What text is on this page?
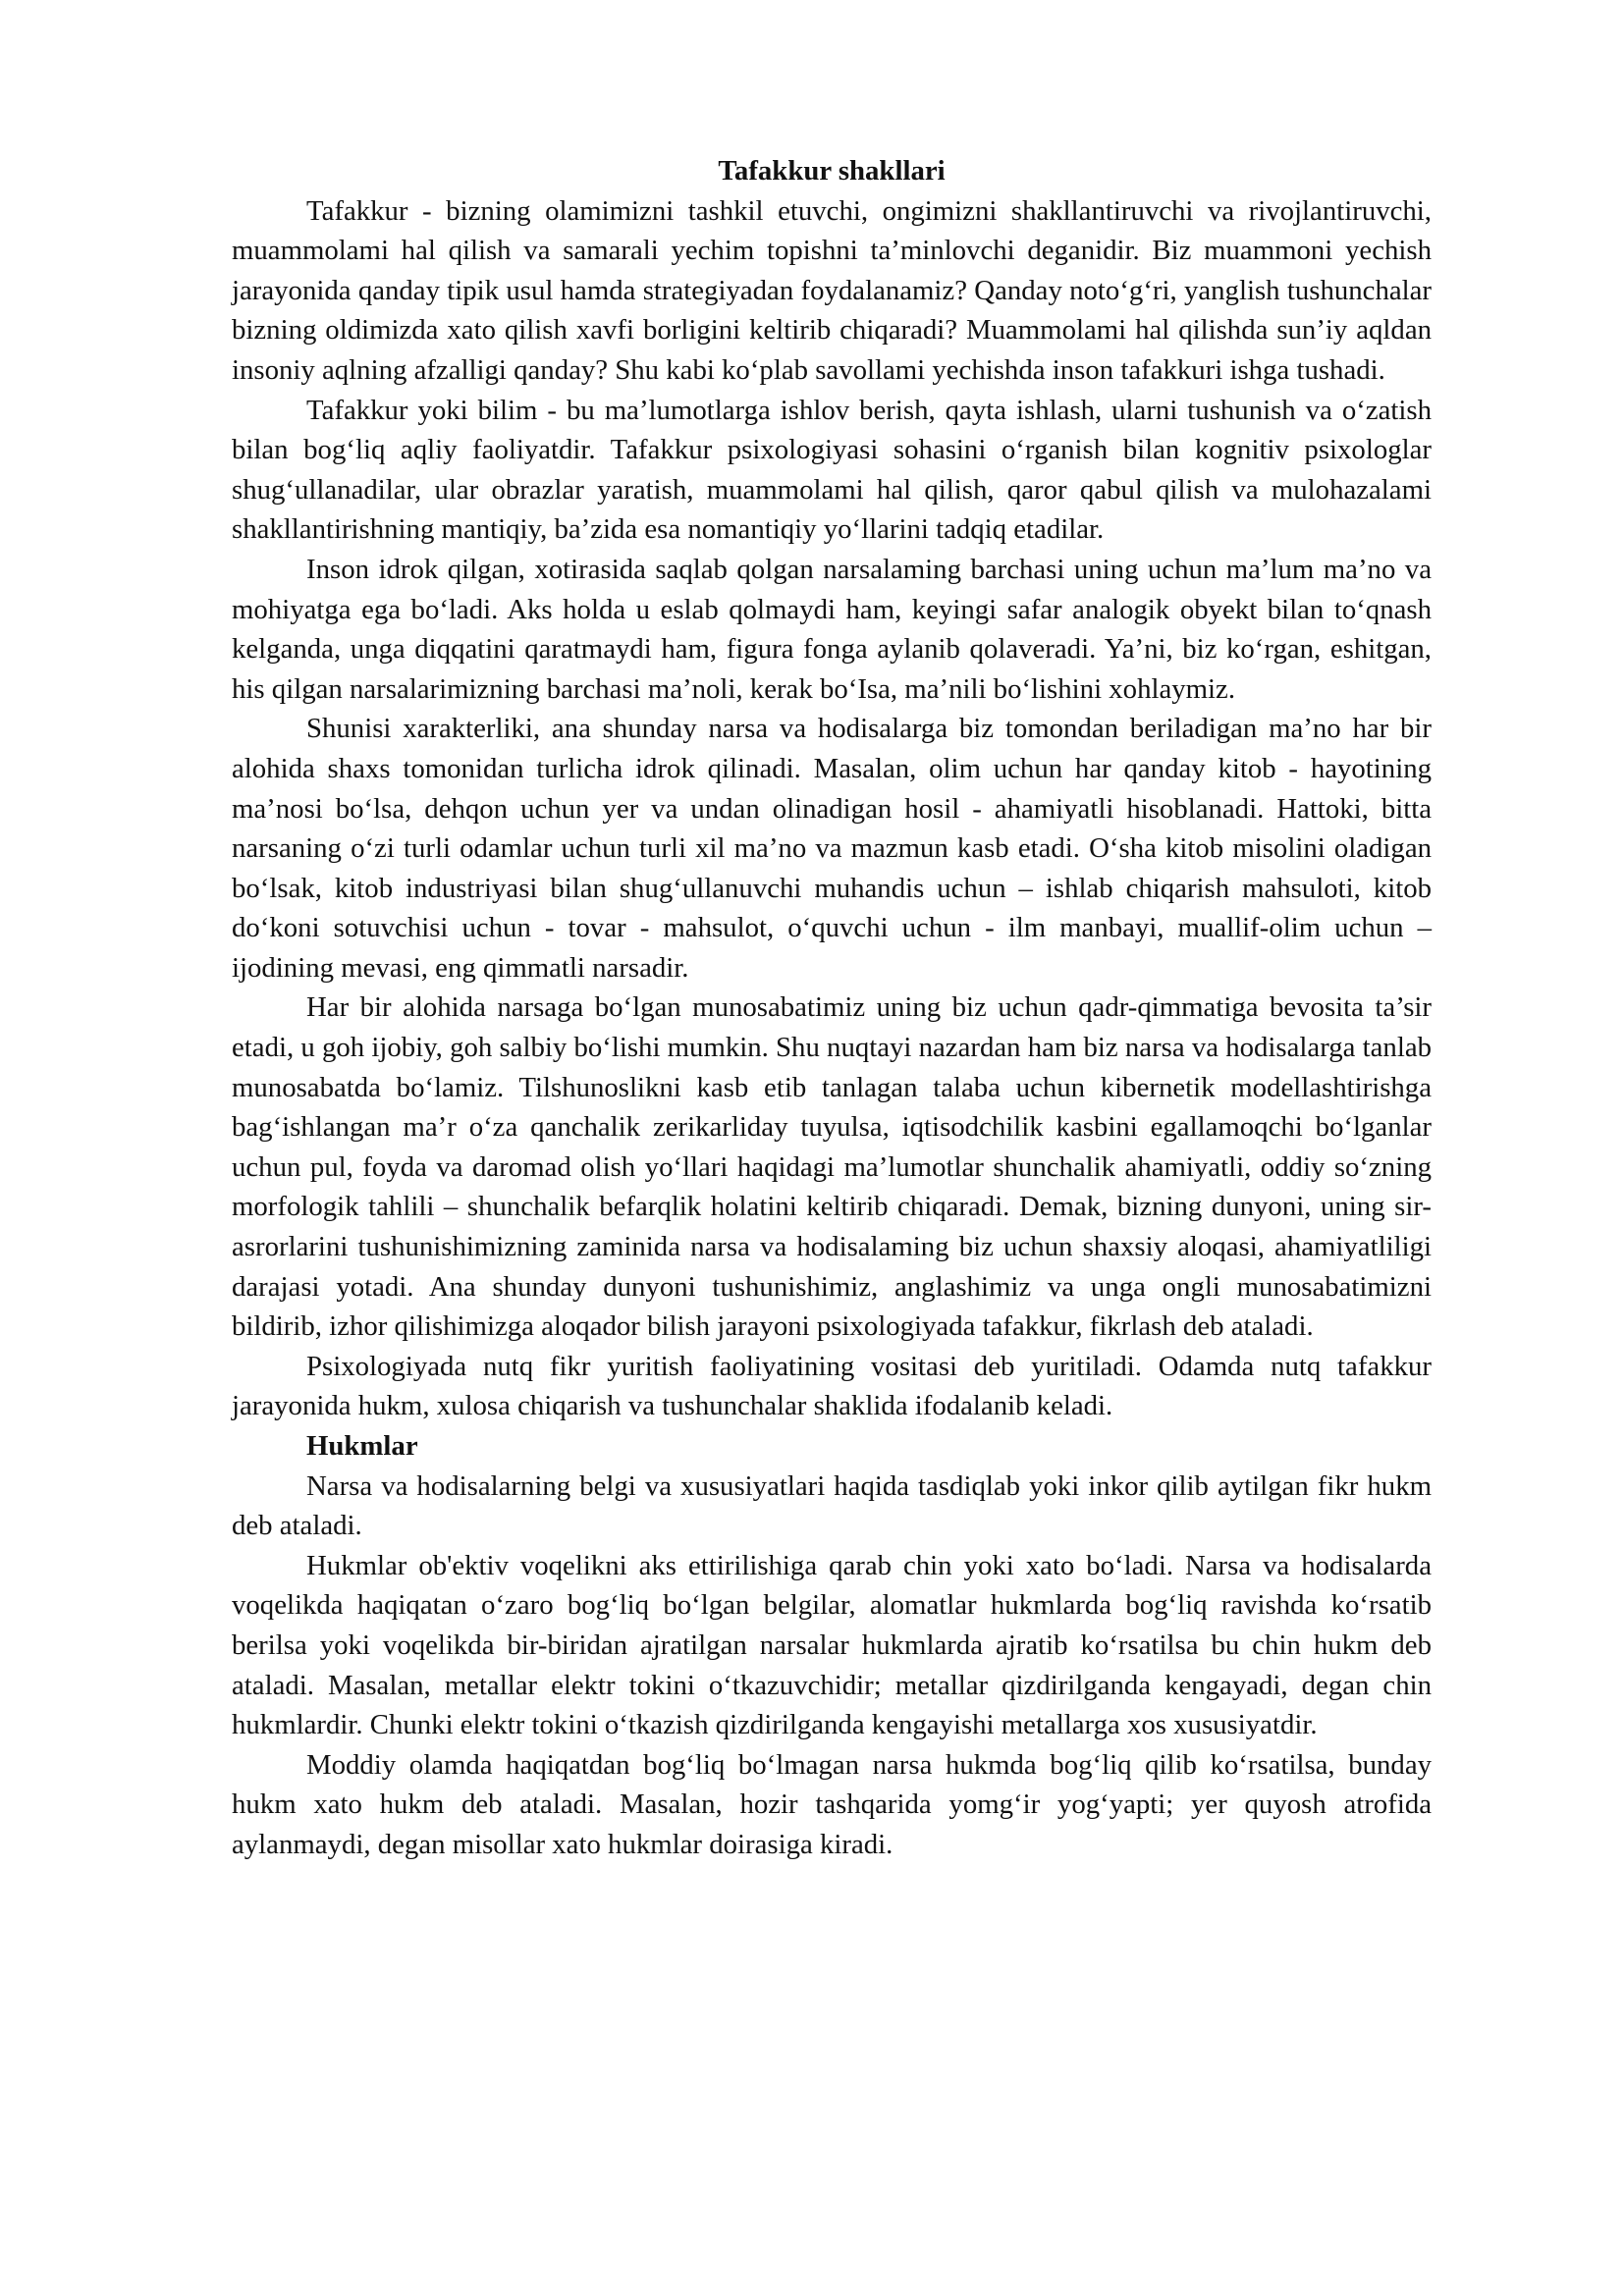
Tafakkur shakllari

Tafakkur - bizning olamimizni tashkil etuvchi, ongimizni shakllantiruvchi va rivojlantiruvchi, muammolami hal qilish va samarali yechim topishni ta’minlovchi deganidir. Biz muammoni yechish jarayonida qanday tipik usul hamda strategiyadan foydalanamiz? Qanday noto‘g‘ri, yanglish tushunchalar bizning oldimizda xato qilish xavfi borligini keltirib chiqaradi? Muammolami hal qilishda sun’iy aqldan insoniy aqlning afzalligi qanday? Shu kabi ko‘plab savollami yechishda inson tafakkuri ishga tushadi.

Tafakkur yoki bilim - bu ma’lumotlarga ishlov berish, qayta ishlash, ularni tushunish va o‘zatish bilan bog‘liq aqliy faoliyatdir. Tafakkur psixologiyasi sohasini o‘rganish bilan kognitiv psixologlar shug‘ullanadilar, ular obrazlar yaratish, muammolami hal qilish, qaror qabul qilish va mulohazalami shakllantirishning mantiqiy, ba’zida esa nomantiqiy yo‘llarini tadqiq etadilar.

Inson idrok qilgan, xotirasida saqlab qolgan narsalaming barchasi uning uchun ma’lum ma’no va mohiyatga ega bo‘ladi. Aks holda u eslab qolmaydi ham, keyingi safar analogik obyekt bilan to‘qnash kelganda, unga diqqatini qaratmaydi ham, figura fonga aylanib qolaveradi. Ya’ni, biz ko‘rgan, eshitgan, his qilgan narsalarimizning barchasi ma’noli, kerak bo‘Isa, ma’nili bo‘lishini xohlaymiz.

Shunisi xarakterliki, ana shunday narsa va hodisalarga biz tomondan beriladigan ma’no har bir alohida shaxs tomonidan turlicha idrok qilinadi. Masalan, olim uchun har qanday kitob - hayotining ma’nosi bo‘lsa, dehqon uchun yer va undan olinadigan hosil - ahamiyatli hisoblanadi. Hattoki, bitta narsaning o‘zi turli odamlar uchun turli xil ma’no va mazmun kasb etadi. O‘sha kitob misolini oladigan bo‘lsak, kitob industriyasi bilan shug‘ullanuvchi muhandis uchun – ishlab chiqarish mahsuloti, kitob do‘koni sotuvchisi uchun - tovar - mahsulot, o‘quvchi uchun - ilm manbayi, muallif-olim uchun – ijodining mevasi, eng qimmatli narsadir.

Har bir alohida narsaga bo‘lgan munosabatimiz uning biz uchun qadr-qimmatiga bevosita ta’sir etadi, u goh ijobiy, goh salbiy bo‘lishi mumkin. Shu nuqtayi nazardan ham biz narsa va hodisalarga tanlab munosabatda bo‘lamiz. Tilshunoslikni kasb etib tanlagan talaba uchun kibernetik modellashtirishga bag‘ishlangan ma’r o‘za qanchalik zerikarliday tuyulsa, iqtisodchilik kasbini egallamoqchi bo‘lganlar uchun pul, foyda va daromad olish yo‘llari haqidagi ma’lumotlar shunchalik ahamiyatli, oddiy so‘zning morfologik tahlili – shunchalik befarqlik holatini keltirib chiqaradi. Demak, bizning dunyoni, uning sir-asrorlarini tushunishimizning zaminida narsa va hodisalaming biz uchun shaxsiy aloqasi, ahamiyatliligi darajasi yotadi. Ana shunday dunyoni tushunishimiz, anglashimiz va unga ongli munosabatimizni bildirib, izhor qilishimizga aloqador bilish jarayoni psixologiyada tafakkur, fikrlash deb ataladi.

Psixologiyada nutq fikr yuritish faoliyatining vositasi deb yuritiladi. Odamda nutq tafakkur jarayonida hukm, xulosa chiqarish va tushunchalar shaklida ifodalanib keladi.

Hukmlar

Narsa va hodisalarning belgi va xususiyatlari haqida tasdiqlab yoki inkor qilib aytilgan fikr hukm deb ataladi.

Hukmlar ob'ektiv voqelikni aks ettirilishiga qarab chin yoki xato bo‘ladi. Narsa va hodisalarda voqelikda haqiqatan o‘zaro bog‘liq bo‘lgan belgilar, alomatlar hukmlarda bog‘liq ravishda ko‘rsatib berilsa yoki voqelikda bir-biridan ajratilgan narsalar hukmlarda ajratib ko‘rsatilsa bu chin hukm deb ataladi. Masalan, metallar elektr tokini o‘tkazuvchidir; metallar qizdirilganda kengayadi, degan chin hukmlardir. Chunki elektr tokini o‘tkazish qizdirilganda kengayishi metallarga xos xususiyatdir.

Moddiy olamda haqiqatdan bog‘liq bo‘lmagan narsa hukmda bog‘liq qilib ko‘rsatilsa, bunday hukm xato hukm deb ataladi. Masalan, hozir tashqarida yomg‘ir yog‘yapti; yer quyosh atrofida aylanmaydi, degan misollar xato hukmlar doirasiga kiradi.
